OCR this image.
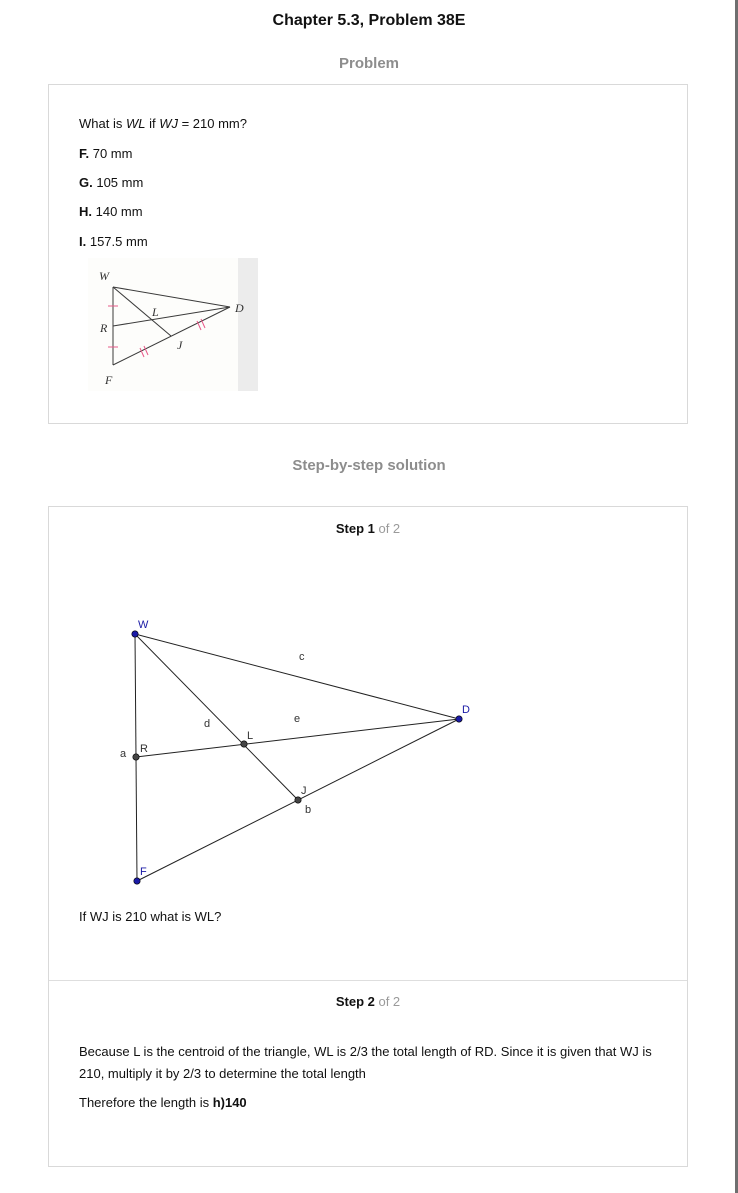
Chapter 5.3, Problem 38E
Problem
What is WL if WJ = 210 mm?
F. 70 mm
G. 105 mm
H. 140 mm
I. 157.5 mm
W
R
F
L
J
D
Step-by-step solution
Step 1 of 2
If WJ is 210 what is WL?
Step 2 of 2
Because L is the centroid of the triangle, WL is 2/3 the total length of RD. Since it is given that WJ is 210, multiply it by 2/3 to determine the total length
Therefore the length is h)140
W
D
F
R
L
J
c
e
d
a
b
